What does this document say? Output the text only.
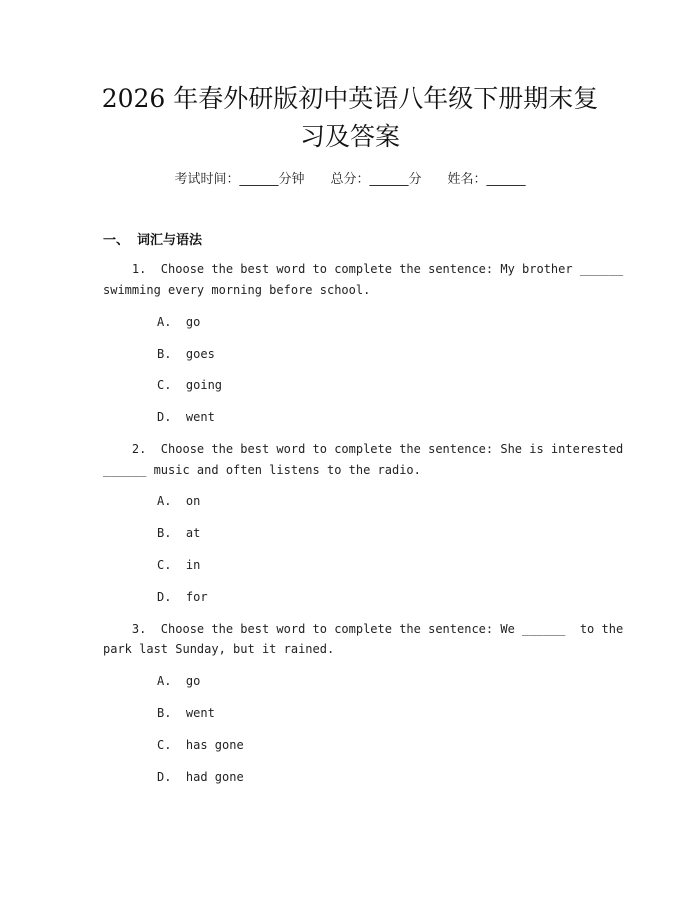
2026 年春外研版初中英语八年级下册期末复
习及答案
考试时间：______分钟 总分：______分 姓名：______
一、 词汇与语法
1.  Choose the best word to complete the sentence: My brother ______
swimming every morning before school.
A.  go
B.  goes
C.  going
D.  went
2.  Choose the best word to complete the sentence: She is interested
______ music and often listens to the radio.
A.  on
B.  at
C.  in
D.  for
3.  Choose the best word to complete the sentence: We ______  to the
park last Sunday, but it rained.
A.  go
B.  went
C.  has gone
D.  had gone
